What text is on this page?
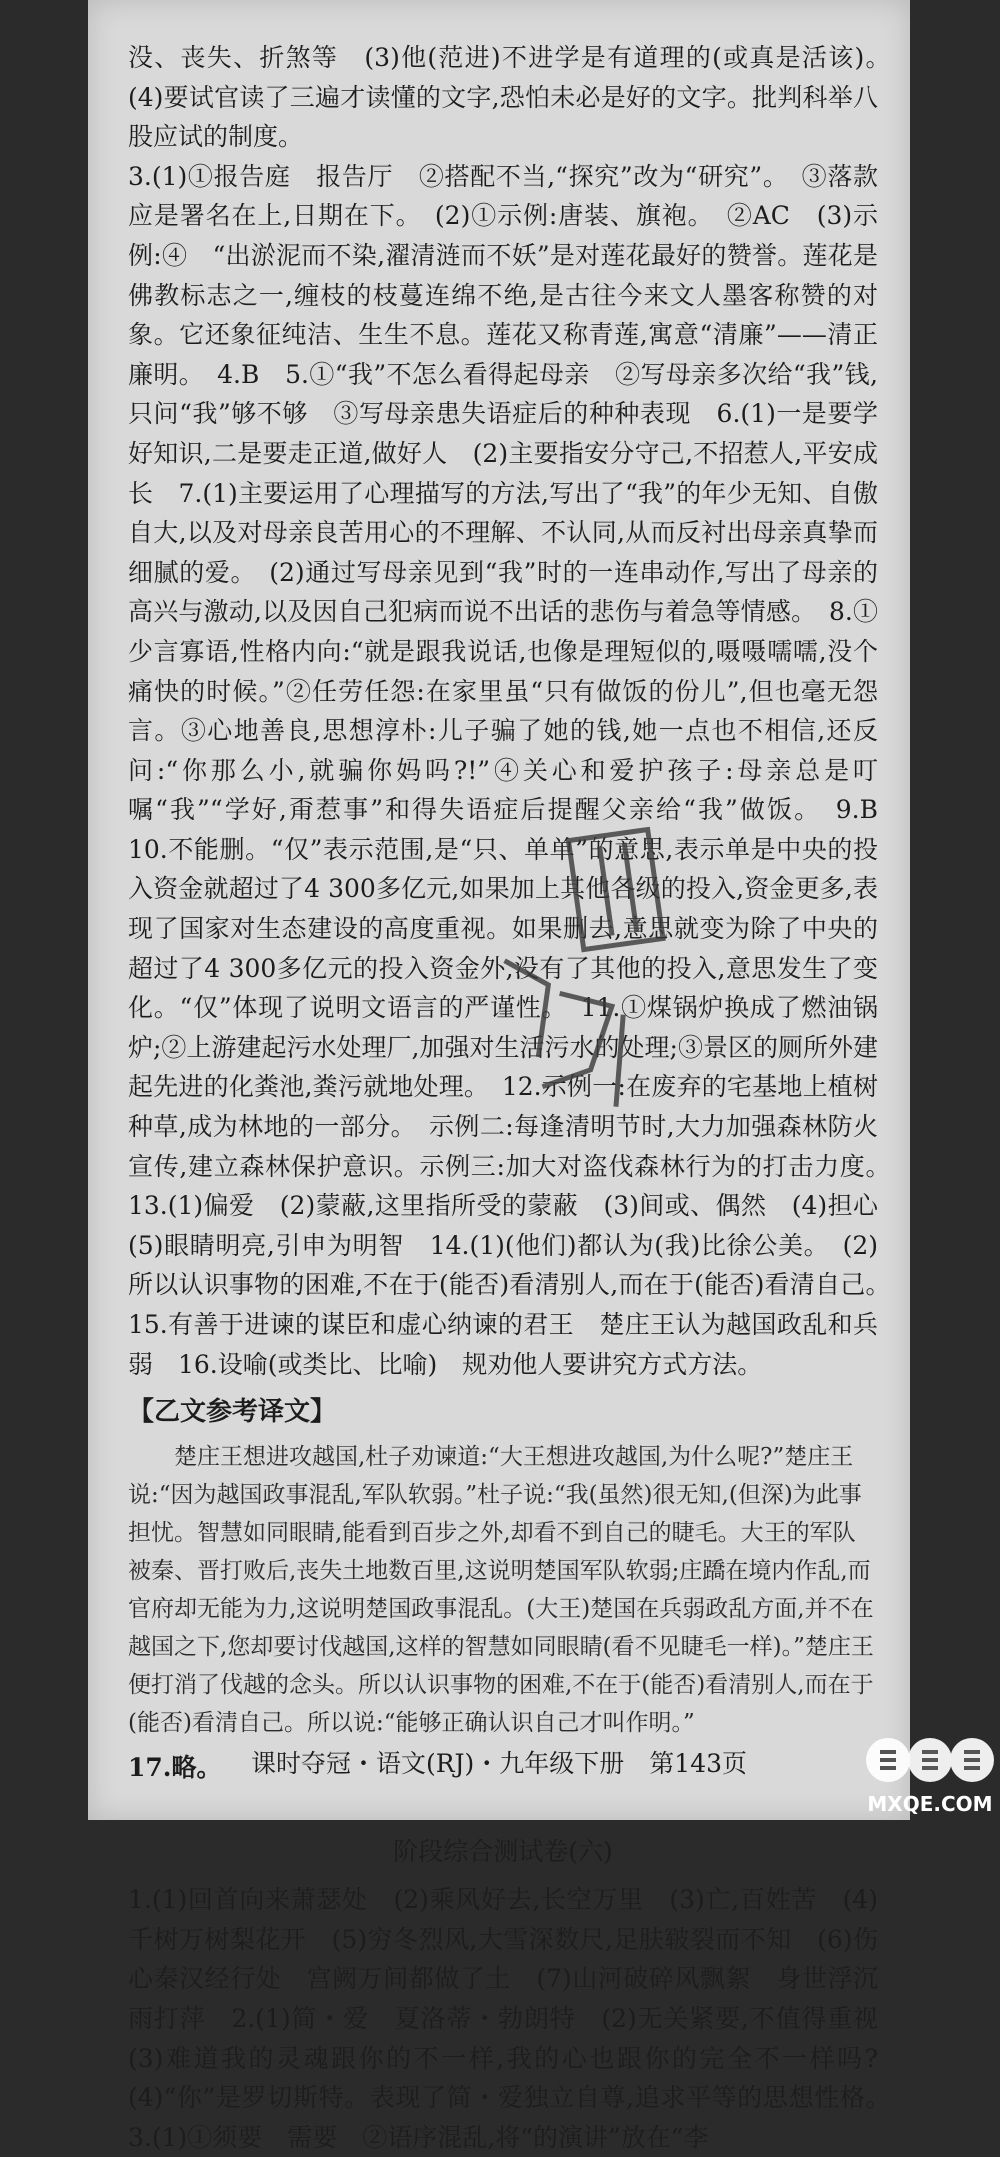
没、丧失、折煞等　(3)他(范进)不进学是有道理的(或真是活该)。　(4)要试官读了三遍才读懂的文字,恐怕未必是好的文字。批判科举八股应试的制度。

3.(1)①报告庭　报告厅　②搭配不当,“探究”改为“研究”。　③落款应是署名在上,日期在下。　(2)①示例:唐装、旗袍。　②AC　(3)示例:④　“出淤泥而不染,濯清涟而不妖”是对莲花最好的赞誉。莲花是佛教标志之一,缠枝的枝蔓连绵不绝,是古往今来文人墨客称赞的对象。它还象征纯洁、生生不息。莲花又称青莲,寓意“清廉”——清正廉明。　4.B　5.①“我”不怎么看得起母亲　②写母亲多次给“我”钱,只问“我”够不够　③写母亲患失语症后的种种表现　6.(1)一是要学好知识,二是要走正道,做好人　(2)主要指安分守己,不招惹人,平安成长　7.(1)主要运用了心理描写的方法,写出了“我”的年少无知、自傲自大,以及对母亲良苦用心的不理解、不认同,从而反衬出母亲真挚而细腻的爱。　(2)通过写母亲见到“我”时的一连串动作,写出了母亲的高兴与激动,以及因自己犯病而说不出话的悲伤与着急等情感。　8.①少言寡语,性格内向:“就是跟我说话,也像是理短似的,嗫嗫嚅嚅,没个痛快的时候。”②任劳任怨:在家里虽“只有做饭的份儿”,但也毫无怨言。③心地善良,思想淳朴:儿子骗了她的钱,她一点也不相信,还反问:“你那么小,就骗你妈吗?!”④关心和爱护孩子:母亲总是叮嘱“我”“学好,甭惹事”和得失语症后提醒父亲给“我”做饭。　9.B　10.不能删。“仅”表示范围,是“只、单单”的意思,表示单是中央的投入资金就超过了4 300多亿元,如果加上其他各级的投入,资金更多,表现了国家对生态建设的高度重视。如果删去,意思就变为除了中央的超过了4 300多亿元的投入资金外,没有了其他的投入,意思发生了变化。“仅”体现了说明文语言的严谨性。　11.①煤锅炉换成了燃油锅炉;②上游建起污水处理厂,加强对生活污水的处理;③景区的厕所外建起先进的化粪池,粪污就地处理。　12.示例一:在废弃的宅基地上植树种草,成为林地的一部分。　示例二:每逢清明节时,大力加强森林防火宣传,建立森林保护意识。示例三:加大对盗伐森林行为的打击力度。　13.(1)偏爱　(2)蒙蔽,这里指所受的蒙蔽　(3)间或、偶然　(4)担心　(5)眼睛明亮,引申为明智　14.(1)(他们)都认为(我)比徐公美。　(2)所以认识事物的困难,不在于(能否)看清别人,而在于(能否)看清自己。　15.有善于进谏的谋臣和虚心纳谏的君王　楚庄王认为越国政乱和兵弱　16.设喻(或类比、比喻)　规劝他人要讲究方式方法。

【乙文参考译文】

楚庄王想进攻越国,杜子劝谏道:“大王想进攻越国,为什么呢?”楚庄王说:“因为越国政事混乱,军队软弱。”杜子说:“我(虽然)很无知,(但深)为此事担忧。智慧如同眼睛,能看到百步之外,却看不到自己的睫毛。大王的军队被秦、晋打败后,丧失土地数百里,这说明楚国军队软弱;庄蹻在境内作乱,而官府却无能为力,这说明楚国政事混乱。(大王)楚国在兵弱政乱方面,并不在越国之下,您却要讨伐越国,这样的智慧如同眼睛(看不见睫毛一样)。”楚庄王便打消了伐越的念头。所以认识事物的困难,不在于(能否)看清别人,而在于(能否)看清自己。所以说:“能够正确认识自己才叫作明。”

17.略。

阶段综合测试卷(六)

1.(1)回首向来萧瑟处　(2)乘风好去,长空万里　(3)亡,百姓苦　(4)千树万树梨花开　(5)穷冬烈风,大雪深数尺,足肤皲裂而不知　(6)伤心秦汉经行处　宫阙万间都做了土　(7)山河破碎风飘絮　身世浮沉雨打萍　2.(1)简・爱　夏洛蒂・勃朗特　(2)无关紧要,不值得重视　(3)难道我的灵魂跟你的不一样,我的心也跟你的完全不一样吗?　(4)“你”是罗切斯特。表现了简・爱独立自尊,追求平等的思想性格。　3.(1)①须要　需要　②语序混乱,将“的演讲”放在“李

课时夺冠・语文(RJ)・九年级下册　第143页
MXQE.COM
